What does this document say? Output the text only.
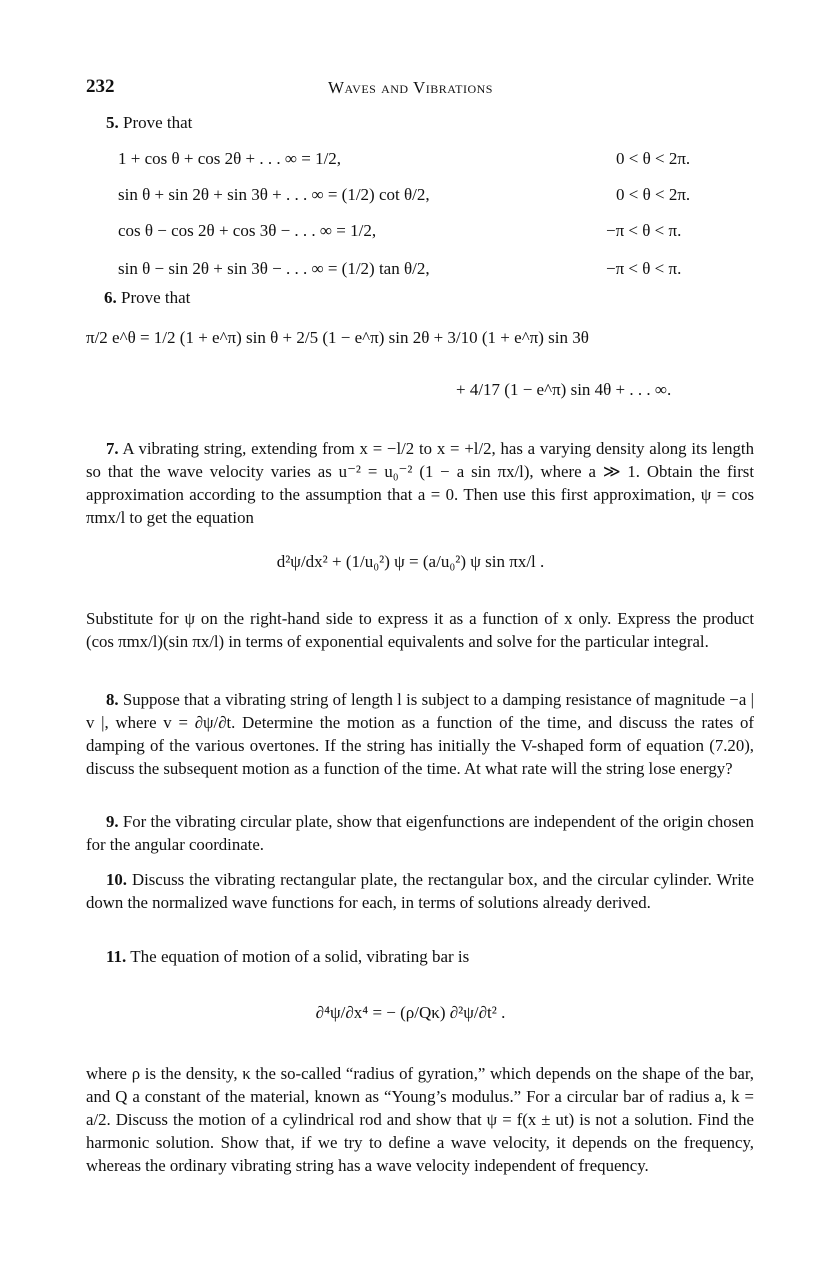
232	Waves and Vibrations
5. Prove that
1 + cos θ + cos 2θ + . . . ∞ = 1/2,	0 < θ < 2π.
sin θ + sin 2θ + sin 3θ + . . . ∞ = (1/2) cot θ/2,	0 < θ < 2π.
cos θ − cos 2θ + cos 3θ − . . . ∞ = 1/2,	−π < θ < π.
sin θ − sin 2θ + sin 3θ − . . . ∞ = (1/2) tan θ/2,	−π < θ < π.
6. Prove that
π/2 e^θ = 1/2 (1 + e^π) sin θ + 2/5 (1 − e^π) sin 2θ + 3/10 (1 + e^π) sin 3θ
+ 4/17 (1 − e^π) sin 4θ + . . . ∞.
7. A vibrating string, extending from x = −l/2 to x = +l/2, has a varying density along its length so that the wave velocity varies as u⁻² = u₀⁻² (1 − a sin πx/l), where a ≫ 1. Obtain the first approximation according to the assumption that a = 0. Then use this first approximation, ψ = cos πmx/l to get the equation
d²ψ/dx² + (1/u₀²) ψ = (a/u₀²) ψ sin πx/l .
Substitute for ψ on the right-hand side to express it as a function of x only. Express the product (cos πmx/l)(sin πx/l) in terms of exponential equivalents and solve for the particular integral.
8. Suppose that a vibrating string of length l is subject to a damping resistance of magnitude −a | v |, where v = ∂ψ/∂t. Determine the motion as a function of the time, and discuss the rates of damping of the various overtones. If the string has initially the V-shaped form of equation (7.20), discuss the subsequent motion as a function of the time. At what rate will the string lose energy?
9. For the vibrating circular plate, show that eigenfunctions are independent of the origin chosen for the angular coordinate.
10. Discuss the vibrating rectangular plate, the rectangular box, and the circular cylinder. Write down the normalized wave functions for each, in terms of solutions already derived.
11. The equation of motion of a solid, vibrating bar is
∂⁴ψ/∂x⁴ = − (ρ/Qκ) ∂²ψ/∂t² .
where ρ is the density, κ the so-called “radius of gyration,” which depends on the shape of the bar, and Q a constant of the material, known as “Young’s modulus.” For a circular bar of radius a, k = a/2. Discuss the motion of a cylindrical rod and show that ψ = f(x ± ut) is not a solution. Find the harmonic solution. Show that, if we try to define a wave velocity, it depends on the frequency, whereas the ordinary vibrating string has a wave velocity independent of frequency.
